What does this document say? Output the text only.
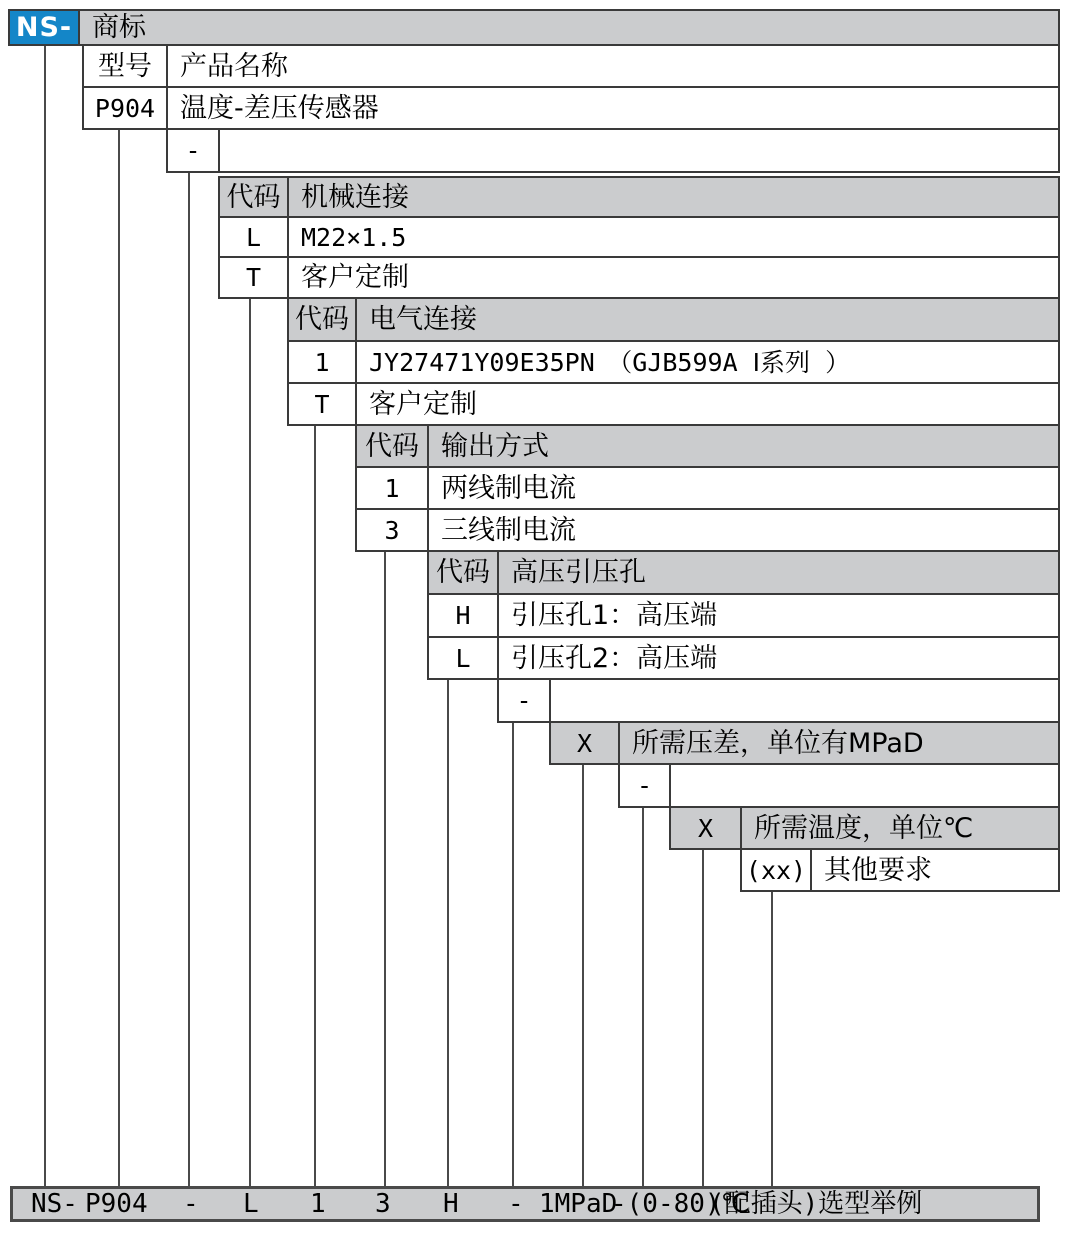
NS- 商标
型号	产品名称
P904 温度-差压传感器
-
代码 机械连接
L	M22×1.5
T	客户定制
代码 电气连接
1	JY27471Y09E35PN　（GJB599A Ⅰ系列 ）
T	客户定制
代码 输出方式
1	两线制电流
3	三线制电流
代码 高压引压孔
H	引压孔1：高压端
L	引压孔2：高压端
-
X	所需压差，单位有MPaD
-
X	所需温度，单位℃
(xx) 其他要求
NS- P904 - L 1 3 H - 1MPaD
-(0-80)℃
(配插头)选型举例
